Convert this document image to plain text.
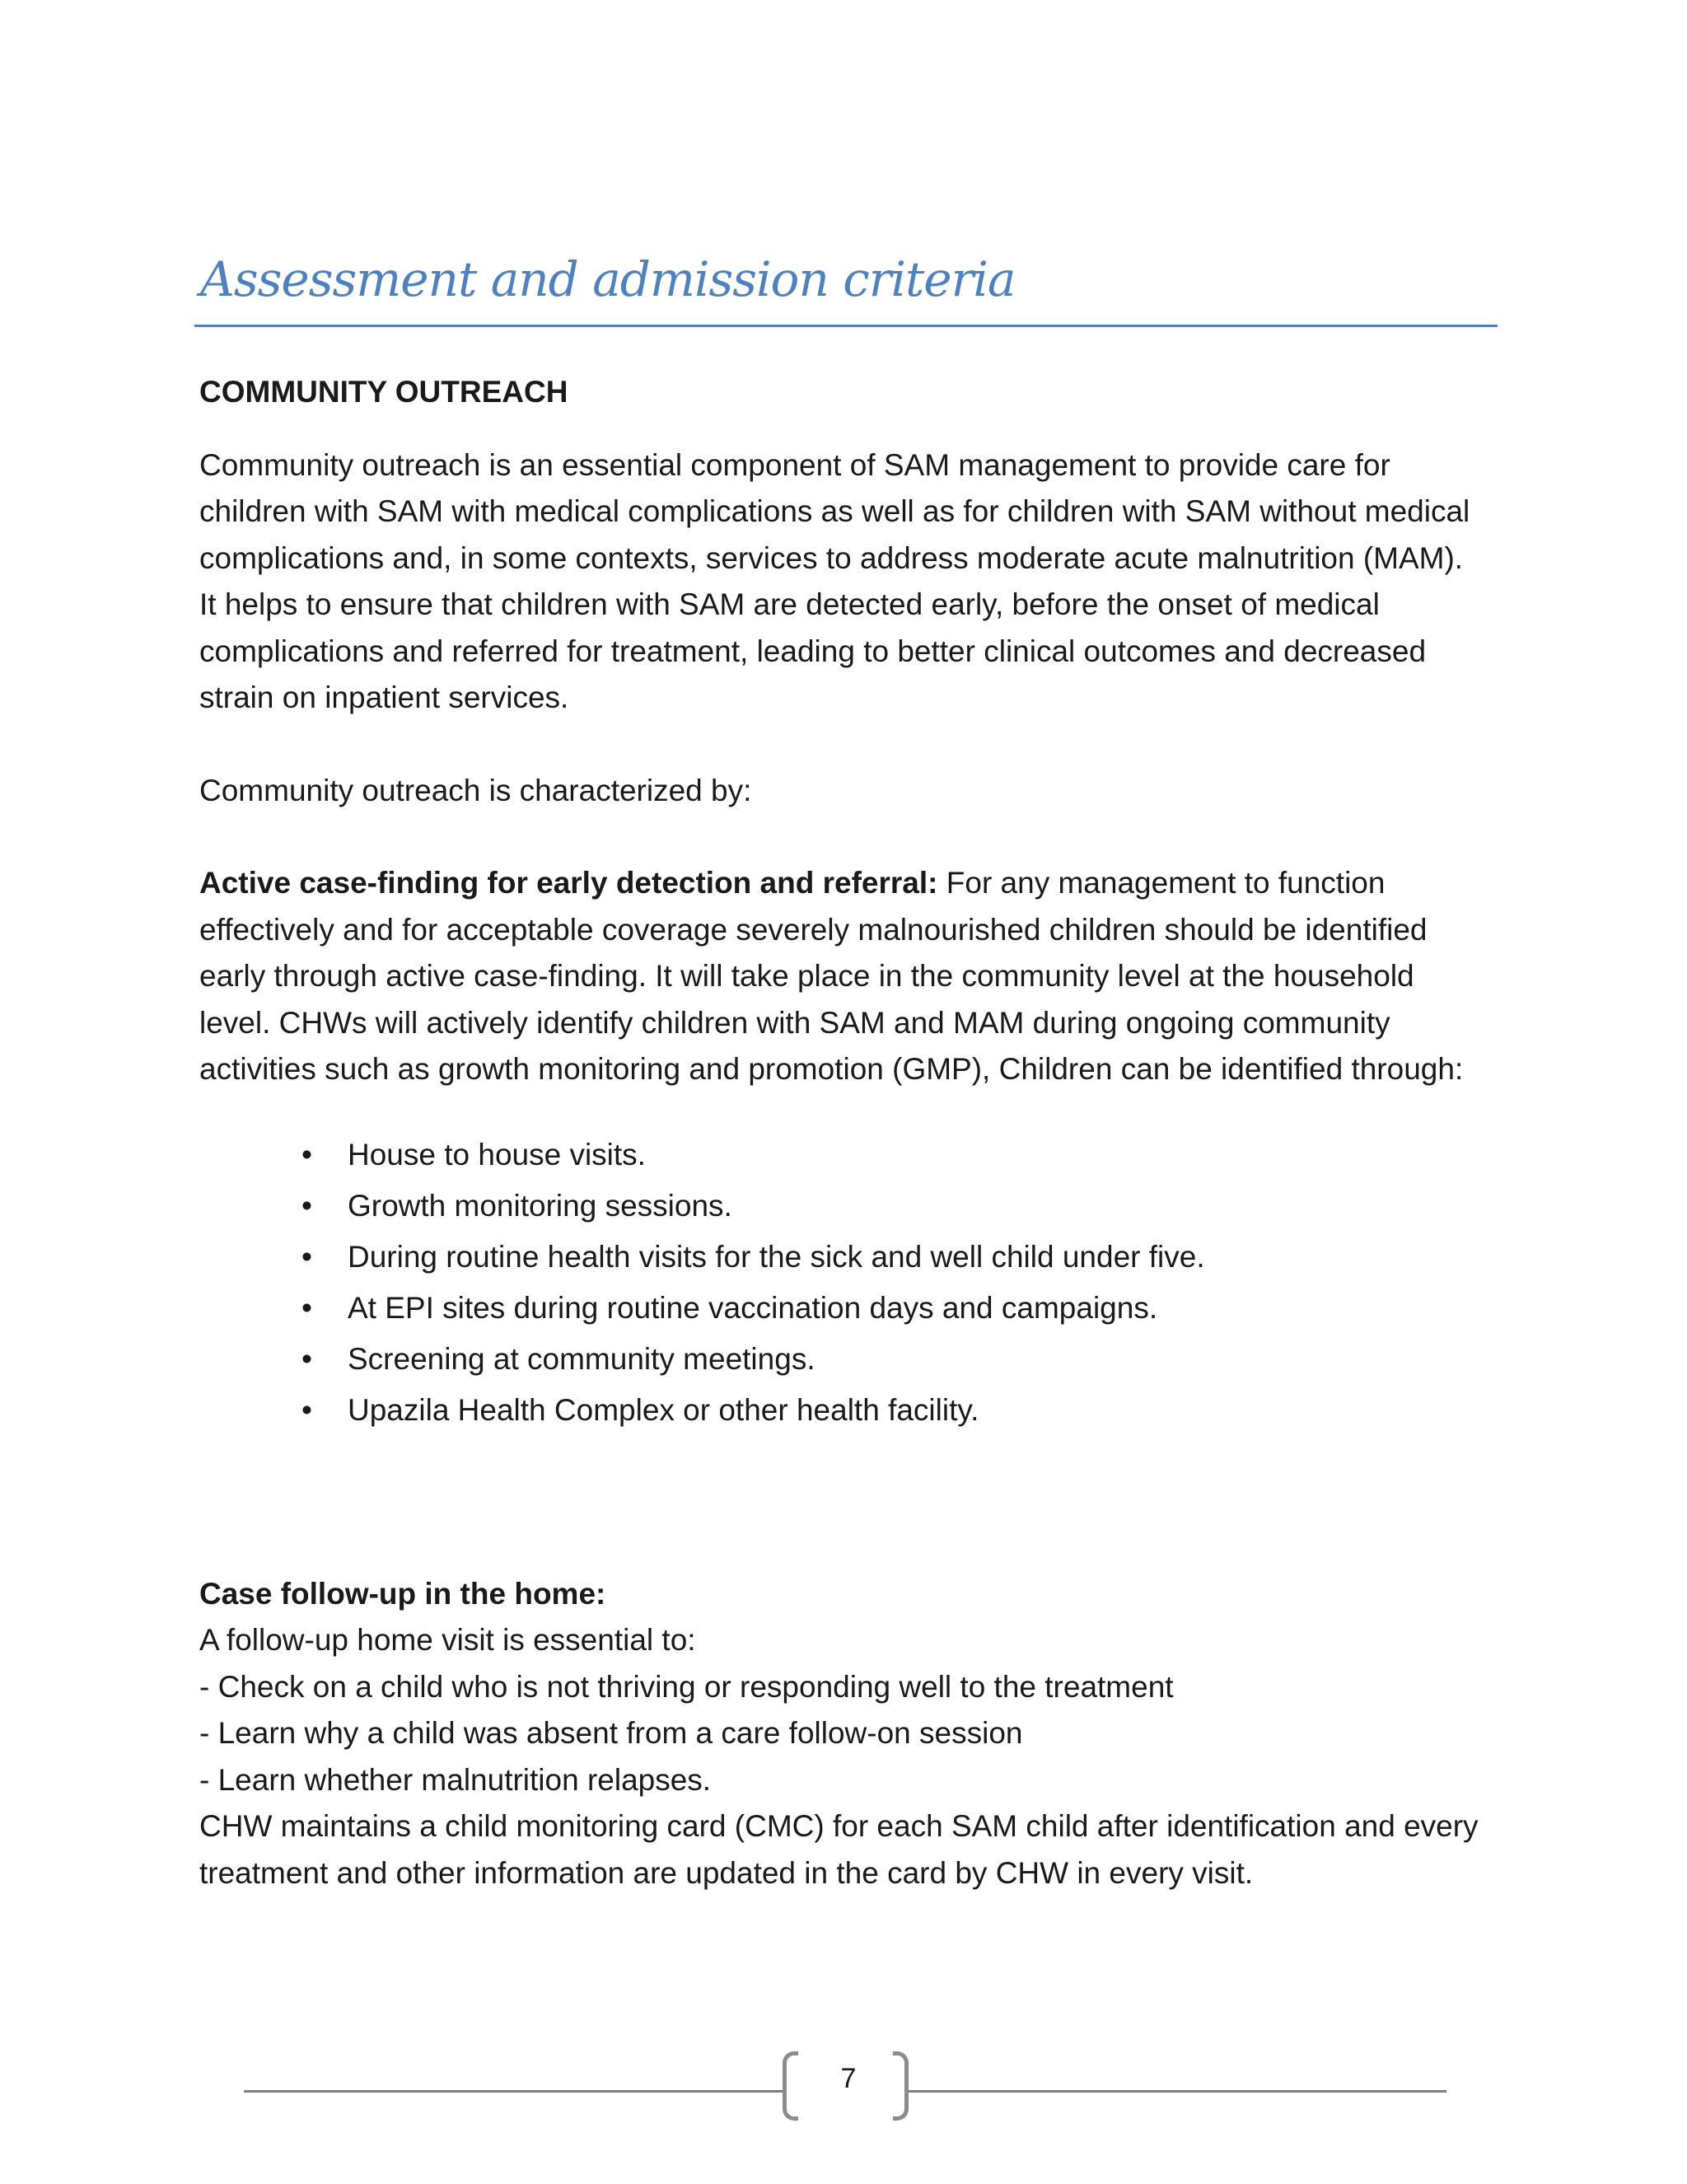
Assessment and admission criteria

COMMUNITY OUTREACH

Community outreach is an essential component of SAM management to provide care for
children with SAM with medical complications as well as for children with SAM without medical
complications and, in some contexts, services to address moderate acute malnutrition (MAM).
It helps to ensure that children with SAM are detected early, before the onset of medical
complications and referred for treatment, leading to better clinical outcomes and decreased
strain on inpatient services.

Community outreach is characterized by:

Active case-finding for early detection and referral: For any management to function
effectively and for acceptable coverage severely malnourished children should be identified
early through active case-finding. It will take place in the community level at the household
level. CHWs will actively identify children with SAM and MAM during ongoing community
activities such as growth monitoring and promotion (GMP), Children can be identified through:
• House to house visits.
• Growth monitoring sessions.
• During routine health visits for the sick and well child under five.
• At EPI sites during routine vaccination days and campaigns.
• Screening at community meetings.
• Upazila Health Complex or other health facility.
Case follow-up in the home:
A follow-up home visit is essential to:
- Check on a child who is not thriving or responding well to the treatment
- Learn why a child was absent from a care follow-on session
- Learn whether malnutrition relapses.
CHW maintains a child monitoring card (CMC) for each SAM child after identification and every
treatment and other information are updated in the card by CHW in every visit.
7
